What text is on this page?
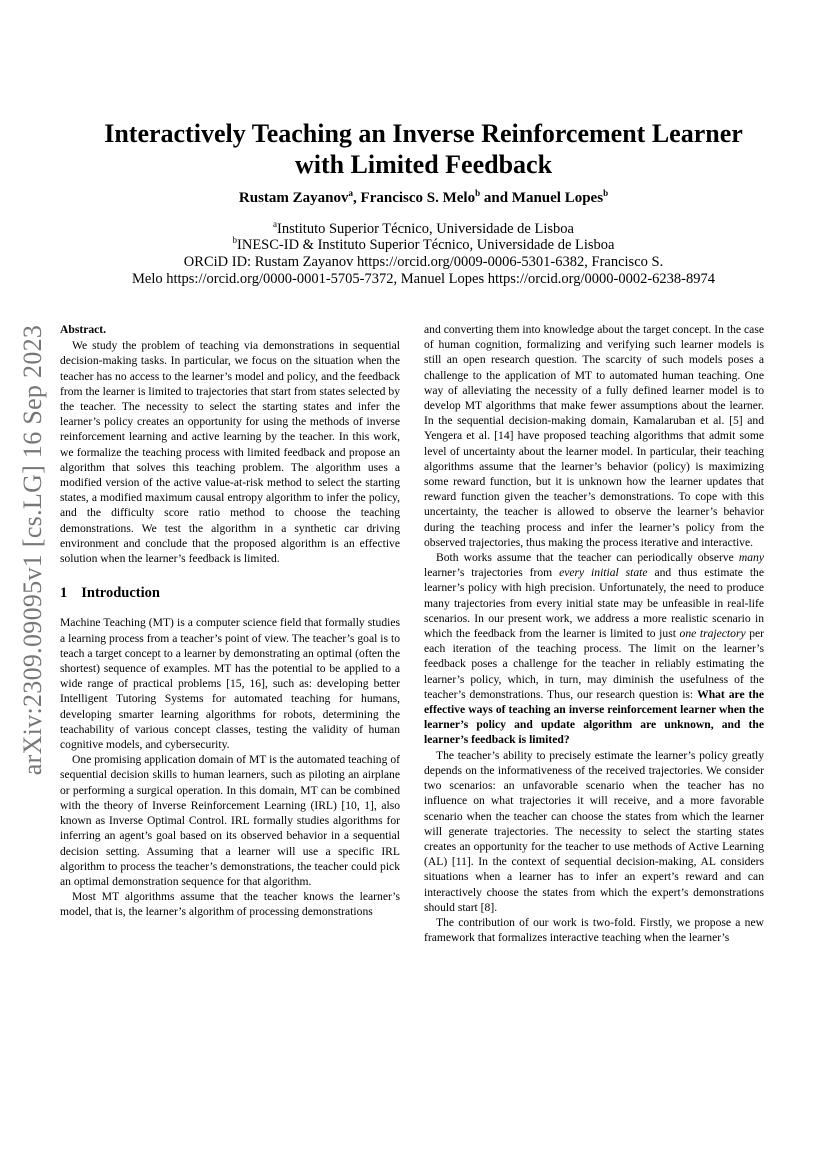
arXiv:2309.09095v1 [cs.LG] 16 Sep 2023
Interactively Teaching an Inverse Reinforcement Learner
with Limited Feedback
Rustam Zayanov$^a$, Francisco S. Melo$^b$ and Manuel Lopes$^b$
$^a$Instituto Superior Técnico, Universidade de Lisboa
$^b$INESC-ID & Instituto Superior Técnico, Universidade de Lisboa
ORCiD ID: Rustam Zayanov https://orcid.org/0009-0006-5301-6382, Francisco S.
Melo https://orcid.org/0000-0001-5705-7372, Manuel Lopes https://orcid.org/0000-0002-6238-8974
Abstract.

We study the problem of teaching via demonstrations in sequential decision-making tasks. In particular, we focus on the situation when the teacher has no access to the learner’s model and policy, and the feedback from the learner is limited to trajectories that start from states selected by the teacher. The necessity to select the starting states and infer the learner’s policy creates an opportunity for using the methods of inverse reinforcement learning and active learning by the teacher. In this work, we formalize the teaching process with limited feedback and propose an algorithm that solves this teaching problem. The algorithm uses a modified version of the active value-at-risk method to select the starting states, a modified maximum causal entropy algorithm to infer the policy, and the difficulty score ratio method to choose the teaching demonstrations. We test the algorithm in a synthetic car driving environment and conclude that the proposed algorithm is an effective solution when the learner’s feedback is limited.

1 Introduction

Machine Teaching (MT) is a computer science field that formally studies a learning process from a teacher’s point of view. The teacher’s goal is to teach a target concept to a learner by demonstrating an optimal (often the shortest) sequence of examples. MT has the potential to be applied to a wide range of practical problems [15, 16], such as: developing better Intelligent Tutoring Systems for automated teaching for humans, developing smarter learning algorithms for robots, determining the teachability of various concept classes, testing the validity of human cognitive models, and cybersecurity.

One promising application domain of MT is the automated teaching of sequential decision skills to human learners, such as piloting an airplane or performing a surgical operation. In this domain, MT can be combined with the theory of Inverse Reinforcement Learning (IRL) [10, 1], also known as Inverse Optimal Control. IRL formally studies algorithms for inferring an agent’s goal based on its observed behavior in a sequential decision setting. Assuming that a learner will use a specific IRL algorithm to process the teacher’s demonstrations, the teacher could pick an optimal demonstration sequence for that algorithm.

Most MT algorithms assume that the teacher knows the learner’s model, that is, the learner’s algorithm of processing demonstrations

and converting them into knowledge about the target concept. In the case of human cognition, formalizing and verifying such learner models is still an open research question. The scarcity of such models poses a challenge to the application of MT to automated human teaching. One way of alleviating the necessity of a fully defined learner model is to develop MT algorithms that make fewer assumptions about the learner. In the sequential decision-making domain, Kamalaruban et al. [5] and Yengera et al. [14] have proposed teaching algorithms that admit some level of uncertainty about the learner model. In particular, their teaching algorithms assume that the learner’s behavior (policy) is maximizing some reward function, but it is unknown how the learner updates that reward function given the teacher’s demonstrations. To cope with this uncertainty, the teacher is allowed to observe the learner’s behavior during the teaching process and infer the learner’s policy from the observed trajectories, thus making the process iterative and interactive.

Both works assume that the teacher can periodically observe many learner’s trajectories from every initial state and thus estimate the learner’s policy with high precision. Unfortunately, the need to produce many trajectories from every initial state may be unfeasible in real-life scenarios. In our present work, we address a more realistic scenario in which the feedback from the learner is limited to just one trajectory per each iteration of the teaching process. The limit on the learner’s feedback poses a challenge for the teacher in reliably estimating the learner’s policy, which, in turn, may diminish the usefulness of the teacher’s demonstrations. Thus, our research question is: What are the effective ways of teaching an inverse reinforcement learner when the learner’s policy and update algorithm are unknown, and the learner’s feedback is limited?

The teacher’s ability to precisely estimate the learner’s policy greatly depends on the informativeness of the received trajectories. We consider two scenarios: an unfavorable scenario when the teacher has no influence on what trajectories it will receive, and a more favorable scenario when the teacher can choose the states from which the learner will generate trajectories. The necessity to select the starting states creates an opportunity for the teacher to use methods of Active Learning (AL) [11]. In the context of sequential decision-making, AL considers situations when a learner has to infer an expert’s reward and can interactively choose the states from which the expert’s demonstrations should start [8].

The contribution of our work is two-fold. Firstly, we propose a new framework that formalizes interactive teaching when the learner’s
